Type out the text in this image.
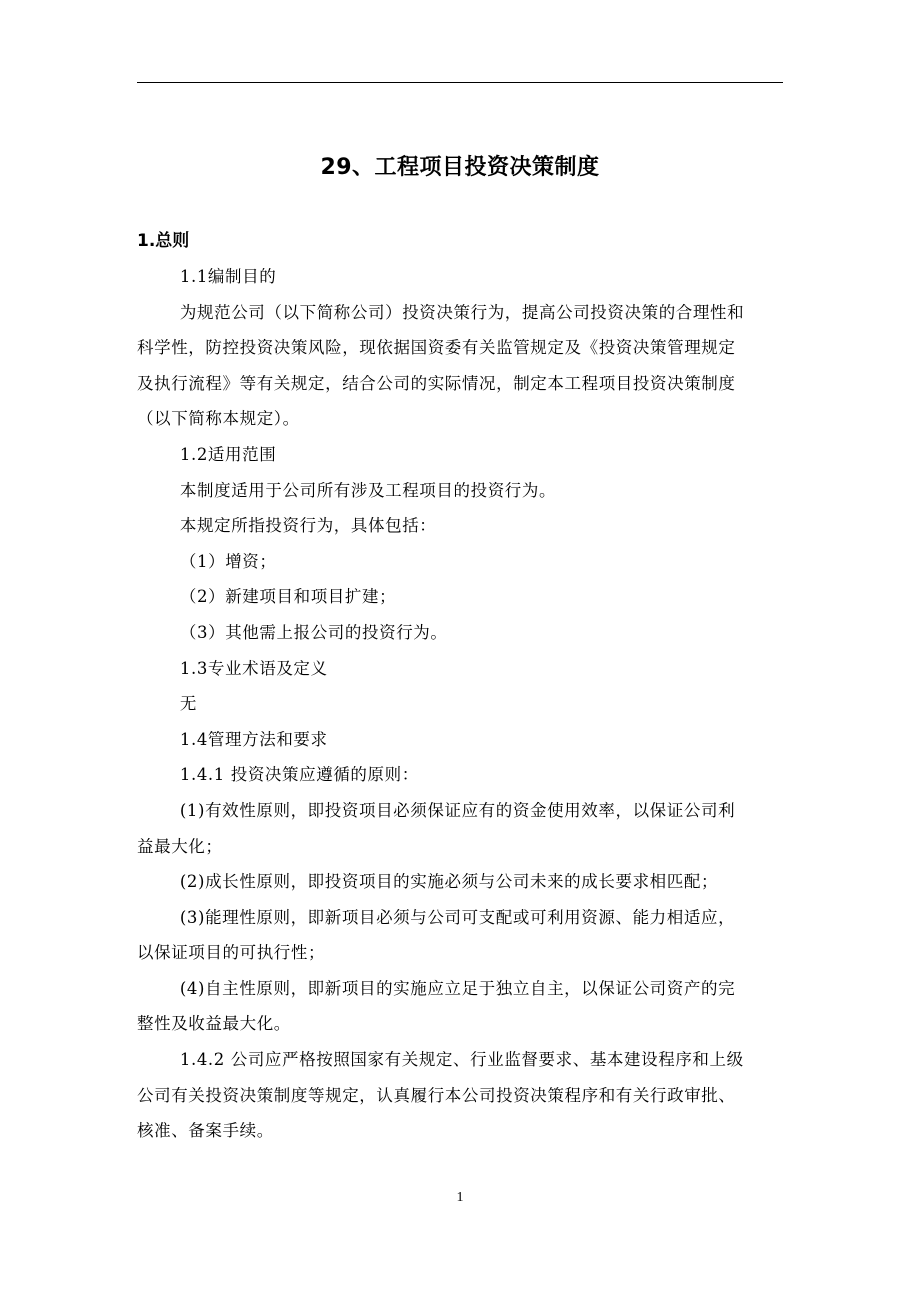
29、工程项目投资决策制度
1.总则

1.1编制目的

为规范公司（以下简称公司）投资决策行为，提高公司投资决策的合理性和

科学性，防控投资决策风险，现依据国资委有关监管规定及《投资决策管理规定

及执行流程》等有关规定，结合公司的实际情况，制定本工程项目投资决策制度

（以下简称本规定）。

1.2适用范围

本制度适用于公司所有涉及工程项目的投资行为。

本规定所指投资行为，具体包括：

（1）增资；

（2）新建项目和项目扩建；

（3）其他需上报公司的投资行为。

1.3专业术语及定义

无

1.4管理方法和要求

1.4.1 投资决策应遵循的原则：

(1)有效性原则，即投资项目必须保证应有的资金使用效率，以保证公司利

益最大化；

(2)成长性原则，即投资项目的实施必须与公司未来的成长要求相匹配；

(3)能理性原则，即新项目必须与公司可支配或可利用资源、能力相适应，

以保证项目的可执行性；

(4)自主性原则，即新项目的实施应立足于独立自主，以保证公司资产的完

整性及收益最大化。

1.4.2 公司应严格按照国家有关规定、行业监督要求、基本建设程序和上级

公司有关投资决策制度等规定，认真履行本公司投资决策程序和有关行政审批、

核准、备案手续。

1
